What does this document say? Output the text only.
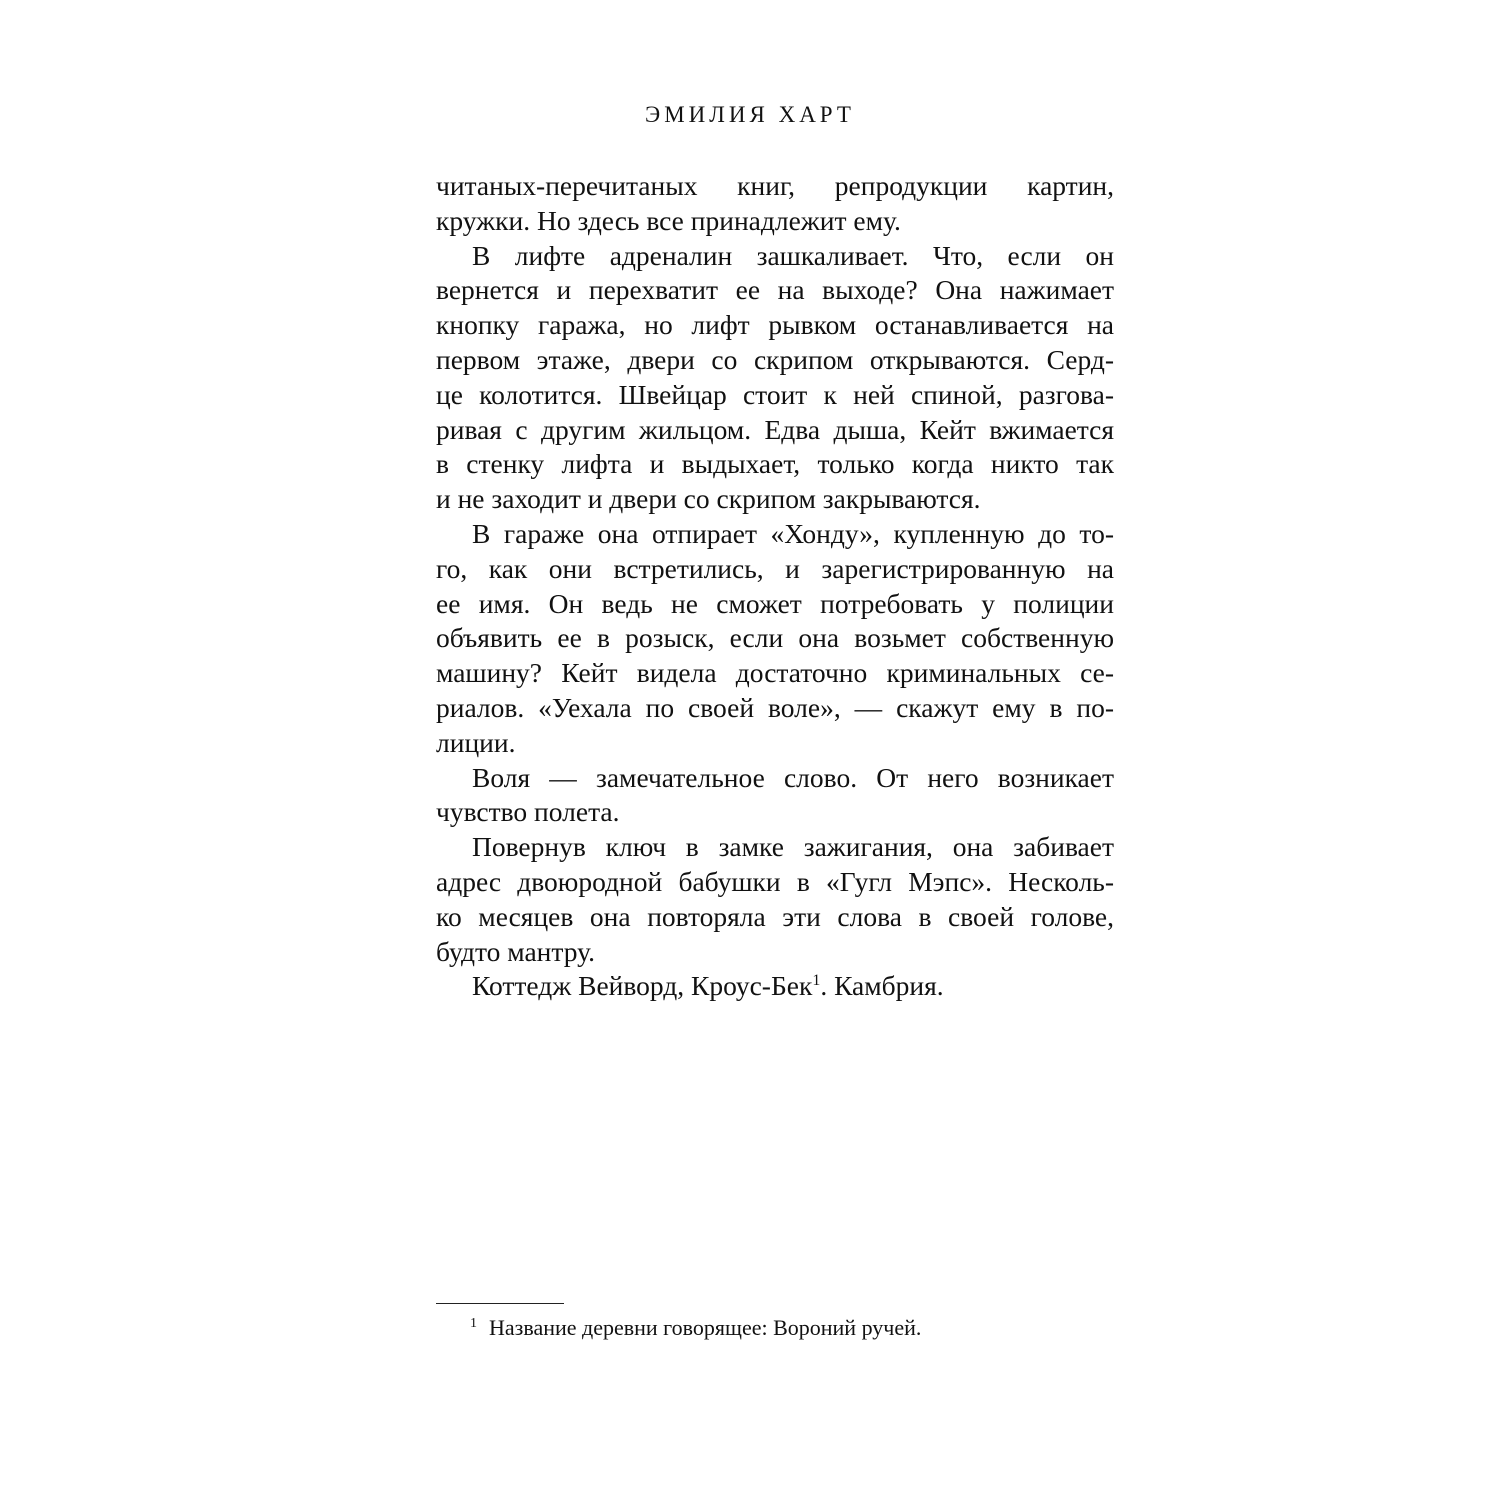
ЭМИЛИЯ ХАРТ
читаных-перечитаных книг, репродукции картин,
кружки. Но здесь все принадлежит ему.
В лифте адреналин зашкаливает. Что, если он
вернется и перехватит ее на выходе? Она нажимает
кнопку гаража, но лифт рывком останавливается на
первом этаже, двери со скрипом открываются. Серд-
це колотится. Швейцар стоит к ней спиной, разгова-
ривая с другим жильцом. Едва дыша, Кейт вжимается
в стенку лифта и выдыхает, только когда никто так
и не заходит и двери со скрипом закрываются.
В гараже она отпирает «Хонду», купленную до то-
го, как они встретились, и зарегистрированную на
ее имя. Он ведь не сможет потребовать у полиции
объявить ее в розыск, если она возьмет собственную
машину? Кейт видела достаточно криминальных се-
риалов. «Уехала по своей воле», — скажут ему в по-
лиции.
Воля — замечательное слово. От него возникает
чувство полета.
Повернув ключ в замке зажигания, она забивает
адрес двоюродной бабушки в «Гугл Мэпс». Несколь-
ко месяцев она повторяла эти слова в своей голове,
будто мантру.
Коттедж Вейворд, Кроус-Бек$^1$. Камбрия.
$^1$ Название деревни говорящее: Вороний ручей.
